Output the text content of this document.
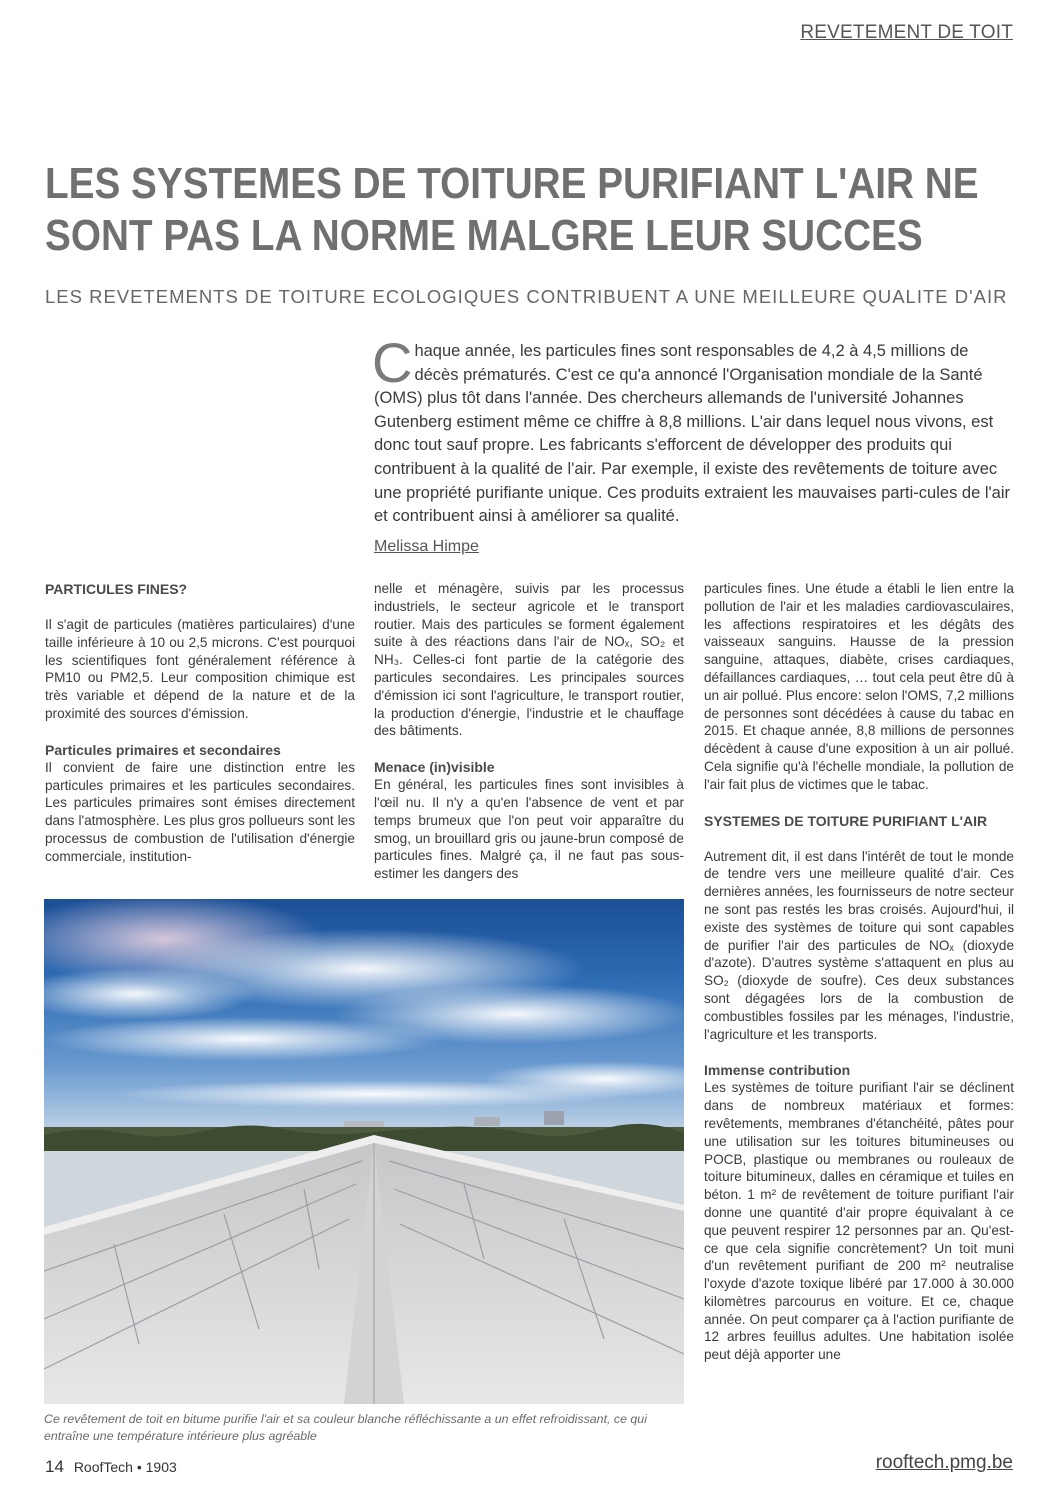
REVETEMENT DE TOIT
LES SYSTEMES DE TOITURE PURIFIANT L'AIR NE
SONT PAS LA NORME MALGRE LEUR SUCCES
LES REVETEMENTS DE TOITURE ECOLOGIQUES CONTRIBUENT A UNE MEILLEURE QUALITE D'AIR

Chaque année, les particules fines sont responsables de 4,2 à 4,5 millions de décès prématurés. C'est ce qu'a annoncé l'Organisation mondiale de la Santé (OMS) plus tôt dans l'année. Des chercheurs allemands de l'université Johannes Gutenberg estiment même ce chiffre à 8,8 millions. L'air dans lequel nous vivons, est donc tout sauf propre. Les fabricants s'efforcent de développer des produits qui contribuent à la qualité de l'air. Par exemple, il existe des revêtements de toiture avec une propriété purifiante unique. Ces produits extraient les mauvaises parti-cules de l'air et contribuent ainsi à améliorer sa qualité.

Melissa Himpe
PARTICULES FINES?

Il s'agit de particules (matières particulaires) d'une taille inférieure à 10 ou 2,5 microns. C'est pourquoi les scientifiques font généralement référence à PM10 ou PM2,5. Leur composition chimique est très variable et dépend de la nature et de la proximité des sources d'émission.

Particules primaires et secondaires

Il convient de faire une distinction entre les particules primaires et les particules secondaires. Les particules primaires sont émises directement dans l'atmosphère. Les plus gros pollueurs sont les processus de combustion de l'utilisation d'énergie commerciale, institution-

nelle et ménagère, suivis par les processus industriels, le secteur agricole et le transport routier. Mais des particules se forment également suite à des réactions dans l'air de NOₓ, SO₂ et NH₃. Celles-ci font partie de la catégorie des particules secondaires. Les principales sources d'émission ici sont l'agriculture, le transport routier, la production d'énergie, l'industrie et le chauffage des bâtiments.

Menace (in)visible

En général, les particules fines sont invisibles à l'œil nu. Il n'y a qu'en l'absence de vent et par temps brumeux que l'on peut voir apparaître du smog, un brouillard gris ou jaune-brun composé de particules fines. Malgré ça, il ne faut pas sous-estimer les dangers des

particules fines. Une étude a établi le lien entre la pollution de l'air et les maladies cardiovasculaires, les affections respiratoires et les dégâts des vaisseaux sanguins. Hausse de la pression sanguine, attaques, diabète, crises cardiaques, défaillances cardiaques, … tout cela peut être dû à un air pollué. Plus encore: selon l'OMS, 7,2 millions de personnes sont décédées à cause du tabac en 2015. Et chaque année, 8,8 millions de personnes décèdent à cause d'une exposition à un air pollué. Cela signifie qu'à l'échelle mondiale, la pollution de l'air fait plus de victimes que le tabac.

SYSTEMES DE TOITURE PURIFIANT L'AIR

Autrement dit, il est dans l'intérêt de tout le monde de tendre vers une meilleure qualité d'air. Ces dernières années, les fournisseurs de notre secteur ne sont pas restés les bras croisés. Aujourd'hui, il existe des systèmes de toiture qui sont capables de purifier l'air des particules de NOₓ (dioxyde d'azote). D'autres système s'attaquent en plus au SO₂ (dioxyde de soufre). Ces deux substances sont dégagées lors de la combustion de combustibles fossiles par les ménages, l'industrie, l'agriculture et les transports.

Immense contribution

Les systèmes de toiture purifiant l'air se déclinent dans de nombreux matériaux et formes: revêtements, membranes d'étanchéité, pâtes pour une utilisation sur les toitures bitumineuses ou POCB, plastique ou membranes ou rouleaux de toiture bitumineux, dalles en céramique et tuiles en béton. 1 m² de revêtement de toiture purifiant l'air donne une quantité d'air propre équivalant à ce que peuvent respirer 12 personnes par an. Qu'est-ce que cela signifie concrètement? Un toit muni d'un revêtement purifiant de 200 m² neutralise l'oxyde d'azote toxique libéré par 17.000 à 30.000 kilomètres parcourus en voiture. Et ce, chaque année. On peut comparer ça à l'action purifiante de 12 arbres feuillus adultes. Une habitation isolée peut déjà apporter une

Ce revêtement de toit en bitume purifie l'air et sa couleur blanche réfléchissante a un effet refroidissant, ce qui entraîne une température intérieure plus agréable
14 RoofTech • 1903	rooftech.pmg.be
